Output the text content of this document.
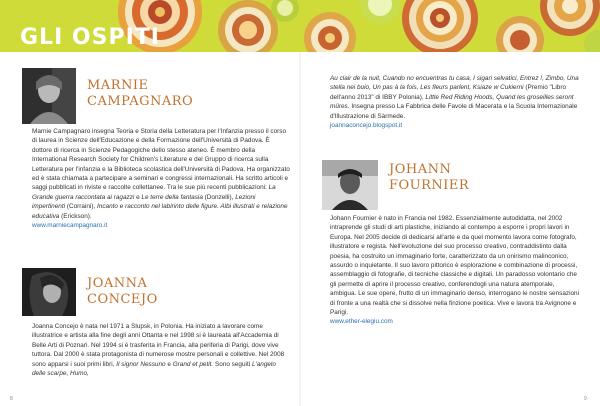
GLI OSPITI
MARNIE
CAMPAGNARO

Marnie Campagnaro insegna Teoria e Storia della Letteratura per l'Infanzia presso il corso di laurea in Scienze dell'Educazione e della Formazione dell'Università di Padova. È dottore di ricerca in Scienze Pedagogiche dello stesso ateneo. È membro della International Research Society for Children's Literature e del Gruppo di ricerca sulla Letteratura per l'infanzia e la Biblioteca scolastica dell'Università di Padova. Ha organizzato ed è stata chiamata a partecipare a seminari e congressi internazionali. Ha scritto articoli e saggi pubblicati in riviste e raccolte collettanee. Tra le sue più recenti pubblicazioni: La Grande guerra raccontata ai ragazzi e Le terre della fantasia (Donzelli), Lezioni impertinenti (Corraini), Incanto e racconto nel labirinto delle figure. Albi illustrati e relazione educativa (Erickson).
www.marniecampagnaro.it

JOANNA
CONCEJO

Joanna Concejo è nata nel 1971 a Slupsk, in Polonia. Ha iniziato a lavorare come illustratrice e artista alla fine degli anni Ottanta e nel 1998 si è laureata all'Accademia di Belle Arti di Poznań. Nel 1994 si è trasferita in Francia, alla periferia di Parigi, dove vive tuttora. Dal 2000 è stata protagonista di numerose mostre personali e collettive. Nel 2008 sono apparsi i suoi primi libri, Il signor Nessuno e Grand et petit. Sono seguiti L'angelo delle scarpe, Humo,

Au clair de la nuit, Cuando no encuentras tu casa, I sigari selvatici, Entrez !, Zimbo, Una stella nei buio, Un pas à la fois, Les fleurs parlent, Ksiaze w Cukierni (Premio "Libro dell'anno 2013" di IBBY Polonia), Little Red Riding Hoods, Quand les groseilles seront mûres. Insegna presso La Fabbrica delle Favole di Macerata e la Scuola Internazionale d'Illustrazione di Sàrmede.
joannaconcejo.blogspot.it

JOHANN
FOURNIER

Johann Fournier è nato in Francia nel 1982. Essenzialmente autodidatta, nel 2002 intraprende gli studi di arti plastiche, iniziando al contempo a esporre i propri lavori in Europa. Nel 2005 decide di dedicarsi all'arte e da quel momento lavora come fotografo, illustratore e regista. Nell'evoluzione del suo processo creativo, contraddistinto dalla poesia, ha costruito un immaginario forte, caratterizzato da un onirismo malinconico, assurdo o inquietante. Il suo lavoro pittorico è esplorazione e combinazione di processi, assemblaggio di fotografie, di tecniche classiche e digitali. Un paradosso volontario che gli permette di aprire il processo creativo, conferendogli una natura atemporale, ambigua. Le sue opere, frutto di un immaginario denso, interrogano le nostre sensazioni di fronte a una realtà che si dissolve nella finzione poetica. Vive e lavora tra Avignone e Parigi.
www.ether-elegiu.com

8	9
